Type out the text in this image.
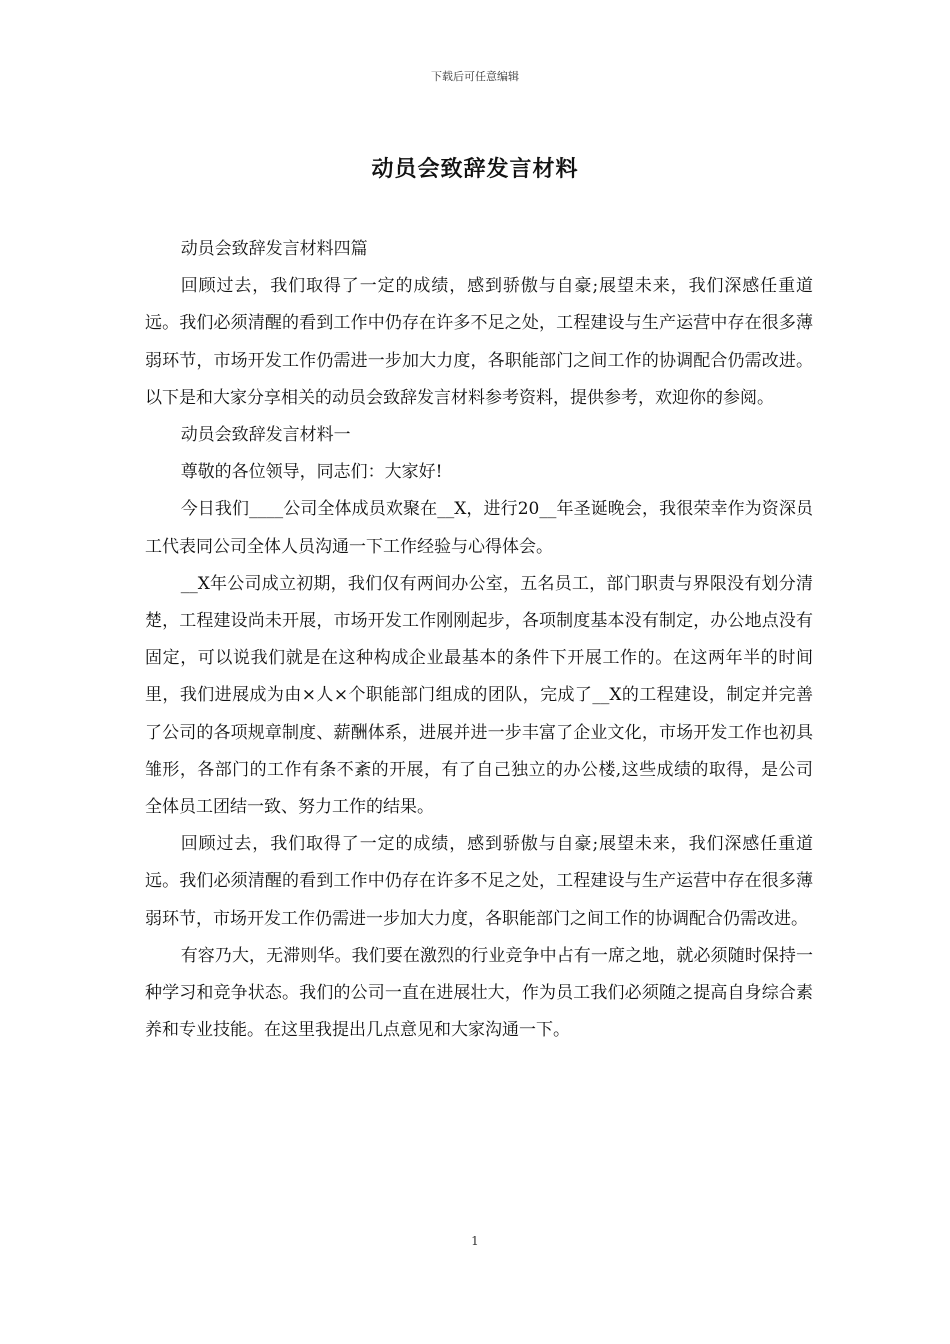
下载后可任意编辑
动员会致辞发言材料

动员会致辞发言材料四篇

回顾过去，我们取得了一定的成绩，感到骄傲与自豪;展望未来，我们深感任重道远。我们必须清醒的看到工作中仍存在许多不足之处，工程建设与生产运营中存在很多薄弱环节，市场开发工作仍需进一步加大力度，各职能部门之间工作的协调配合仍需改进。以下是和大家分享相关的动员会致辞发言材料参考资料，提供参考，欢迎你的参阅。

动员会致辞发言材料一

尊敬的各位领导，同志们：大家好!

今日我们____公司全体成员欢聚在__X，进行20__年圣诞晚会，我很荣幸作为资深员工代表同公司全体人员沟通一下工作经验与心得体会。

__X年公司成立初期，我们仅有两间办公室，五名员工，部门职责与界限没有划分清楚，工程建设尚未开展，市场开发工作刚刚起步，各项制度基本没有制定，办公地点没有固定，可以说我们就是在这种构成企业最基本的条件下开展工作的。在这两年半的时间里，我们进展成为由×人×个职能部门组成的团队，完成了__X的工程建设，制定并完善了公司的各项规章制度、薪酬体系，进展并进一步丰富了企业文化，市场开发工作也初具雏形，各部门的工作有条不紊的开展，有了自己独立的办公楼,这些成绩的取得，是公司全体员工团结一致、努力工作的结果。

回顾过去，我们取得了一定的成绩，感到骄傲与自豪;展望未来，我们深感任重道远。我们必须清醒的看到工作中仍存在许多不足之处，工程建设与生产运营中存在很多薄弱环节，市场开发工作仍需进一步加大力度，各职能部门之间工作的协调配合仍需改进。

有容乃大，无滞则华。我们要在激烈的行业竞争中占有一席之地，就必须随时保持一种学习和竞争状态。我们的公司一直在进展壮大，作为员工我们必须随之提高自身综合素养和专业技能。在这里我提出几点意见和大家沟通一下。

1
